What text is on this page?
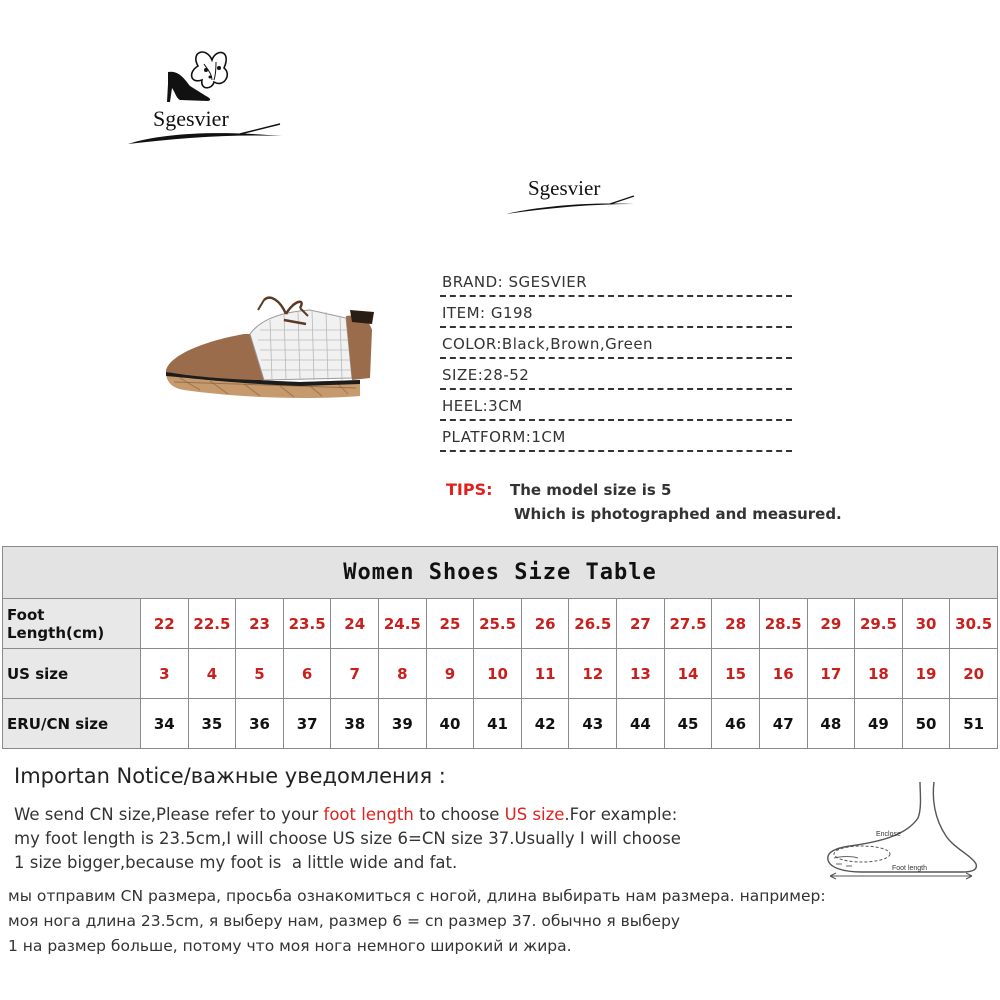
Sgesvier
Sgesvier
BRAND: SGESVIER
ITEM: G198
COLOR:Black,Brown,Green
SIZE:28-52
HEEL:3CM
PLATFORM:1CM
TIPS: The model size is 5
Which is photographed and measured.
Women Shoes Size Table																		
Foot Length(cm)	22	22.5	23	23.5	24	24.5	25	25.5	26	26.5	27	27.5	28	28.5	29	29.5	30	30.5
US size	3	4	5	6	7	8	9	10	11	12	13	14	15	16	17	18	19	20
ERU/CN size	34	35	36	37	38	39	40	41	42	43	44	45	46	47	48	49	50	51
Importan Notice/важные уведомления :
We send CN size,Please refer to your foot length to choose US size.For example:
my foot length is 23.5cm,I will choose US size 6=CN size 37.Usually I will choose
1 size bigger,because my foot is  a little wide and fat.
Enclose
Foot length
мы отправим CN размера, просьба ознакомиться с ногой, длина выбирать нам размера. например:
моя нога длина 23.5cm, я выберу нам, размер 6 = cn размер 37. обычно я выберу
1 на размер больше, потому что моя нога немного широкий и жира.
